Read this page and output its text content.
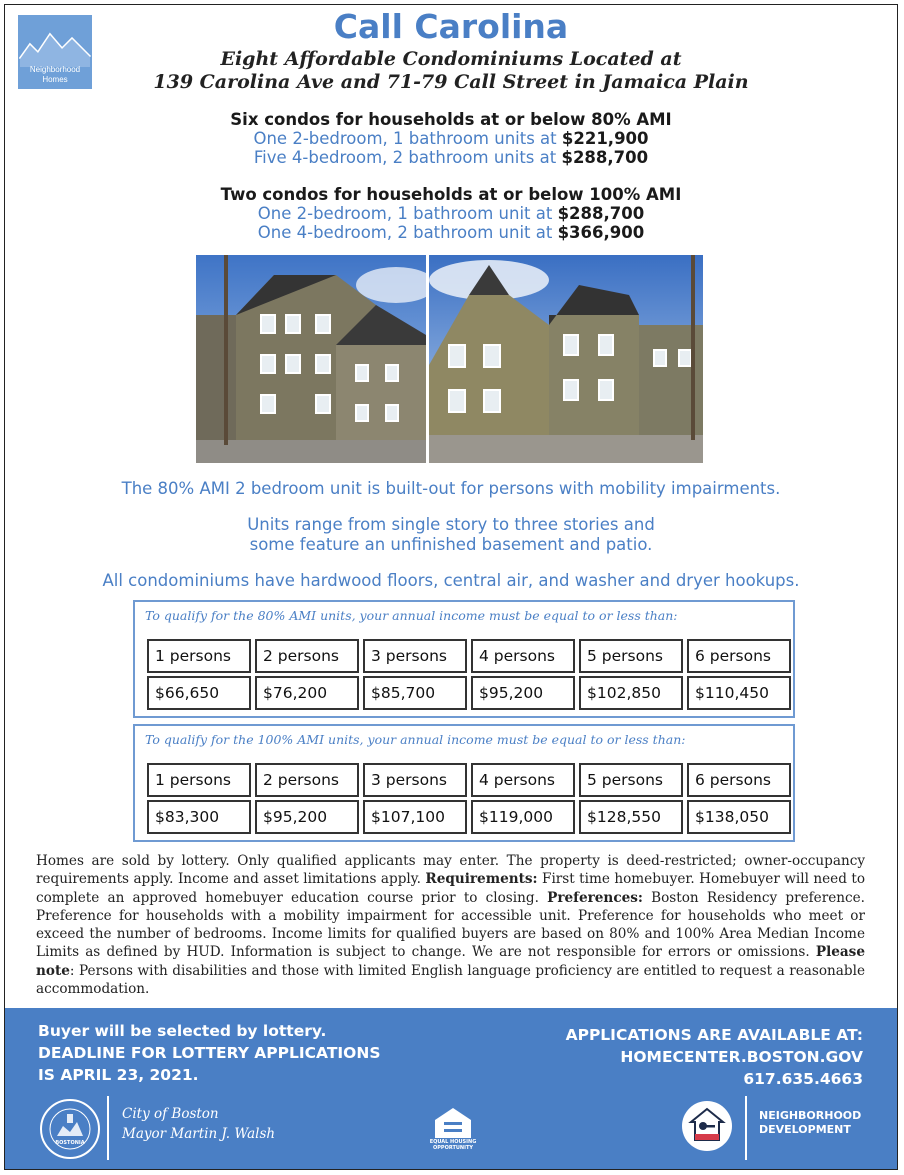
Neighborhood
Homes
Call Carolina
Eight Affordable Condominiums Located at
139 Carolina Ave and 71-79 Call Street in Jamaica Plain
Six condos for households at or below 80% AMI
One 2-bedroom, 1 bathroom units at $221,900
Five 4-bedroom, 2 bathroom units at $288,700
Two condos for households at or below 100% AMI
One 2-bedroom, 1 bathroom unit at $288,700
One 4-bedroom, 2 bathroom unit at $366,900
The 80% AMI 2 bedroom unit is built-out for persons with mobility impairments.
Units range from single story to three stories and
some feature an unfinished basement and patio.
All condominiums have hardwood floors, central air, and washer and dryer hookups.
To qualify for the 80% AMI units, your annual income must be equal to or less than:
1 persons	2 persons	3 persons	4 persons	5 persons	6 persons
$66,650	$76,200	$85,700	$95,200	$102,850	$110,450
To qualify for the 100% AMI units, your annual income must be equal to or less than:
1 persons	2 persons	3 persons	4 persons	5 persons	6 persons
$83,300	$95,200	$107,100	$119,000	$128,550	$138,050
Homes are sold by lottery. Only qualified applicants may enter. The property is deed-restricted; owner-occupancy requirements apply. Income and asset limitations apply. Requirements: First time homebuyer. Homebuyer will need to complete an approved homebuyer education course prior to closing. Preferences: Boston Residency preference. Preference for households with a mobility impairment for accessible unit. Preference for households who meet or exceed the number of bedrooms. Income limits for qualified buyers are based on 80% and 100% Area Median Income Limits as defined by HUD. Information is subject to change. We are not responsible for errors or omissions. Please note: Persons with disabilities and those with limited English language proficiency are entitled to request a reasonable accommodation.
Buyer will be selected by lottery.
DEADLINE FOR LOTTERY APPLICATIONS
IS APRIL 23, 2021.
APPLICATIONS ARE AVAILABLE AT:
HOMECENTER.BOSTON.GOV
617.635.4663
BOSTONIA
City of Boston
Mayor Martin J. Walsh	EQUAL HOUSING
OPPORTUNITY
NEIGHBORHOOD
DEVELOPMENT
